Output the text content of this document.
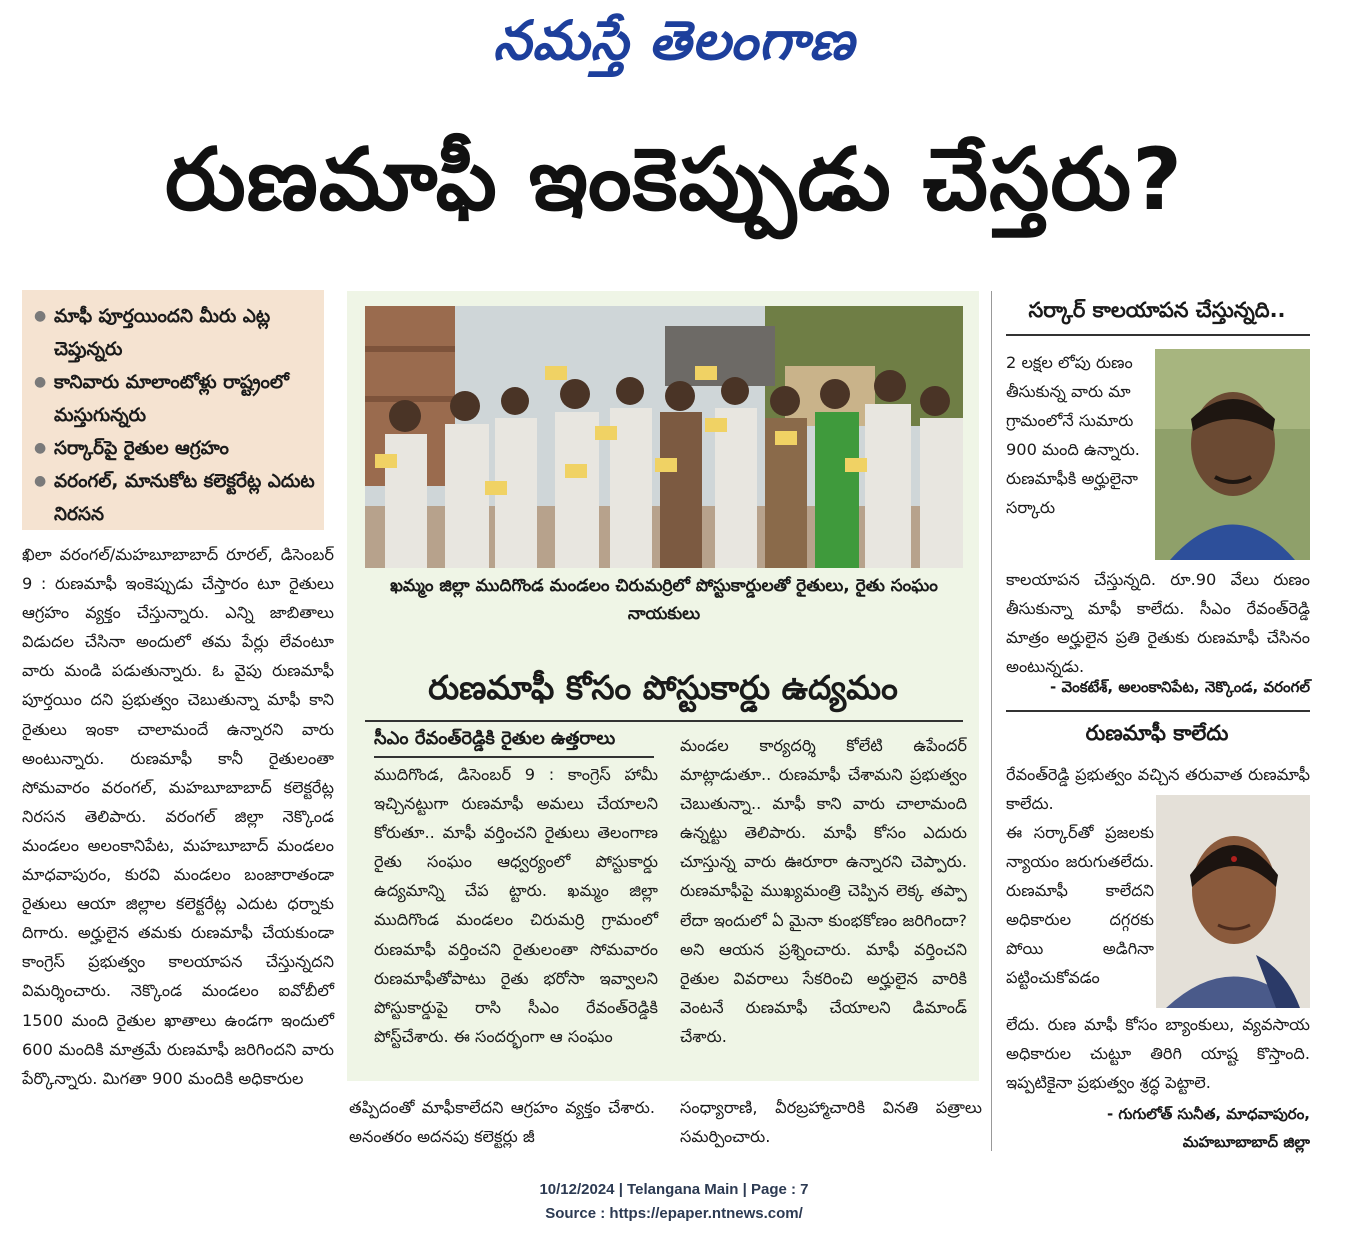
నమస్తే తెలంగాణ
రుణమాఫీ ఇంకెప్పుడు చేస్తరు?
● మాఫీ పూర్తయిందని మీరు ఎట్ల చెప్తున్నరు
● కానివారు మాలాంటోళ్లు రాష్ట్రంలో మస్తుగున్నరు
● సర్కార్‌పై రైతుల ఆగ్రహం
● వరంగల్‌, మానుకోట కలెక్టరేట్ల ఎదుట నిరసన
ఖిలా వరంగల్‌/మహబూబాబాద్‌ రూరల్‌, డిసెంబర్‌ 9 : రుణమాఫీ ఇంకెప్పుడు చేస్తారం టూ రైతులు ఆగ్రహం వ్యక్తం చేస్తున్నారు. ఎన్ని జాబితాలు విడుదల చేసినా అందులో తమ పేర్లు లేవంటూ వారు మండి పడుతున్నారు. ఓ వైపు రుణమాఫీ పూర్తయిం దని ప్రభుత్వం చెబుతున్నా మాఫీ కాని రైతులు ఇంకా చాలామందే ఉన్నారని వారు అంటున్నారు. రుణమాఫీ కానీ రైతులంతా సోమవారం వరంగల్‌, మహబూబాబాద్‌ కలెక్టరేట్ల నిరసన తెలిపారు. వరంగల్‌ జిల్లా నెక్కొండ మండలం అలంకానిపేట, మహబూబాద్‌ మండలం మాధవాపురం, కురవి మండలం బంజారాతండా రైతులు ఆయా జిల్లాల కలెక్టరేట్ల ఎదుట ధర్నాకు దిగారు. అర్హులైన తమకు రుణమాఫీ చేయకుండా కాంగ్రెస్‌ ప్రభుత్వం కాలయాపన చేస్తున్నదని విమర్శించారు. నెక్కొండ మండలం ఐవోబీలో 1500 మంది రైతుల ఖాతాలు ఉండగా ఇందులో 600 మందికి మాత్రమే రుణమాఫీ జరిగిందని వారు పేర్కొన్నారు. మిగతా 900 మందికి అధికారుల
ఖమ్మం జిల్లా ముదిగొండ మండలం చిరుమర్రిలో పోస్టుకార్డులతో రైతులు, రైతు సంఘం నాయకులు
రుణమాఫీ కోసం పోస్టుకార్డు ఉద్యమం
సీఎం రేవంత్‌రెడ్డికి రైతుల ఉత్తరాలు
ముదిగొండ, డిసెంబర్‌ 9 : కాంగ్రెస్‌ హామీ ఇచ్చినట్టుగా రుణమాఫీ అమలు చేయాలని కోరుతూ.. మాఫీ వర్తించని రైతులు తెలంగాణ రైతు సంఘం ఆధ్వర్యంలో పోస్టుకార్డు ఉద్యమాన్ని చేప ట్టారు. ఖమ్మం జిల్లా ముదిగొండ మండలం చిరుమర్రి గ్రామంలో రుణమాఫీ వర్తించని రైతులంతా సోమవారం రుణమాఫీతోపాటు రైతు భరోసా ఇవ్వాలని పోస్టుకార్డుపై రాసి సీఎం రేవంత్‌రెడ్డికి పోస్ట్‌చేశారు. ఈ సందర్భంగా ఆ సంఘం
మండల కార్యదర్శి కోలేటి ఉపేందర్‌ మాట్లాడుతూ.. రుణమాఫీ చేశామని ప్రభుత్వం చెబుతున్నా.. మాఫీ కాని వారు చాలామంది ఉన్నట్టు తెలిపారు. మాఫీ కోసం ఎదురు చూస్తున్న వారు ఊరూరా ఉన్నారని చెప్పారు. రుణమాఫీపై ముఖ్యమంత్రి చెప్పిన లెక్క తప్పా లేదా ఇందులో ఏ మైనా కుంభకోణం జరిగిందా? అని ఆయన ప్రశ్నించారు. మాఫీ వర్తించని రైతుల వివరాలు సేకరించి అర్హులైన వారికి వెంటనే రుణమాఫీ చేయాలని డిమాండ్‌ చేశారు.
తప్పిదంతో మాఫీకాలేదని ఆగ్రహం వ్యక్తం చేశారు. అనంతరం అదనపు కలెక్టర్లు జీ
సంధ్యారాణి, వీరబ్రహ్మాచారికి వినతి పత్రాలు సమర్పించారు.
సర్కార్‌ కాలయాపన చేస్తున్నది..
2 లక్షల లోపు రుణం తీసుకున్న వారు మా గ్రామంలోనే సుమారు 900 మంది ఉన్నారు. రుణమాఫీకి అర్హులైనా సర్కారు
కాలయాపన చేస్తున్నది. రూ.90 వేలు రుణం తీసుకున్నా మాఫీ కాలేదు. సీఎం రేవంత్‌రెడ్డి మాత్రం అర్హులైన ప్రతి రైతుకు రుణమాఫీ చేసినం అంటున్నడు.
- వెంకటేశ్‌, అలంకానిపేట, నెక్కొండ, వరంగల్‌
రుణమాఫీ కాలేదు
రేవంత్‌రెడ్డి ప్రభుత్వం వచ్చిన తరువాత రుణమాఫీ కాలేదు.
ఈ సర్కార్‌తో ప్రజలకు న్యాయం జరుగుతలేదు. రుణమాఫీ కాలేదని అధికారుల దగ్గరకు పోయి అడిగినా పట్టించుకోవడం
లేదు. రుణ మాఫీ కోసం బ్యాంకులు, వ్యవసాయ అధికారుల చుట్టూ తిరిగి యాష్ట కొస్తాంది. ఇప్పటికైనా ప్రభుత్వం శ్రద్ధ పెట్టాలె.
- గుగులోత్‌ సునీత, మాధవాపురం,
మహబూబాబాద్‌ జిల్లా
10/12/2024 | Telangana Main | Page : 7
Source : https://epaper.ntnews.com/
